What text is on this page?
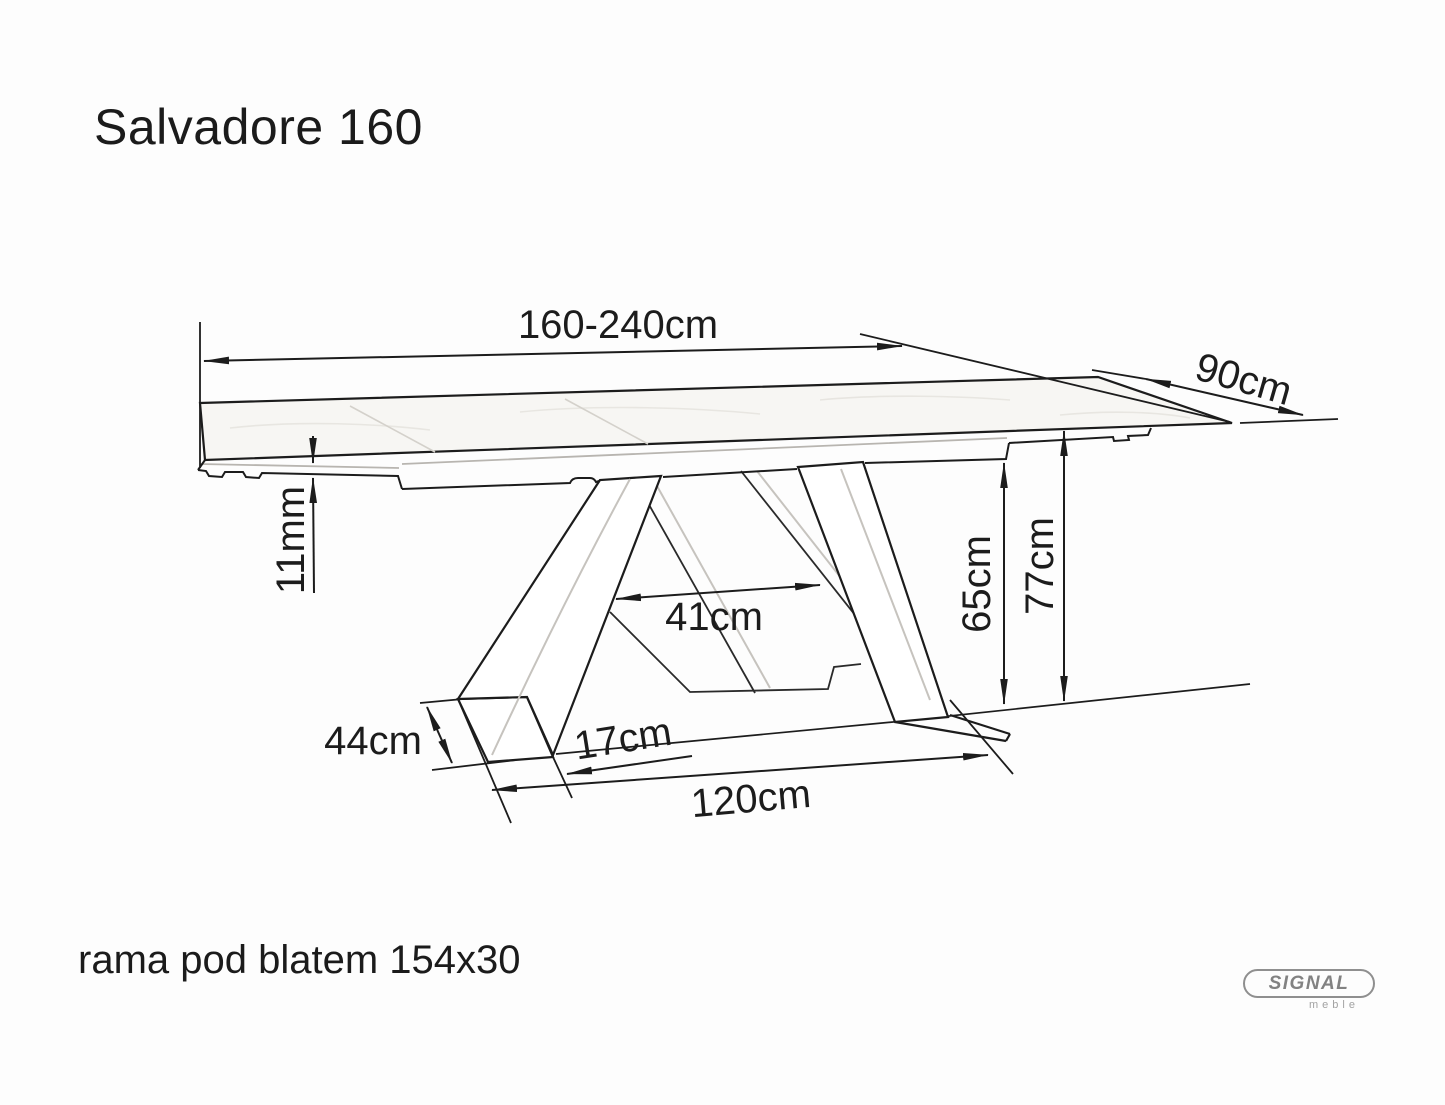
Salvadore 160
160-240cm
90cm
11mm
41cm	65cm 77cm
44cm	17cm
120cm
rama pod blatem 154x30
SIGNAL
meble
